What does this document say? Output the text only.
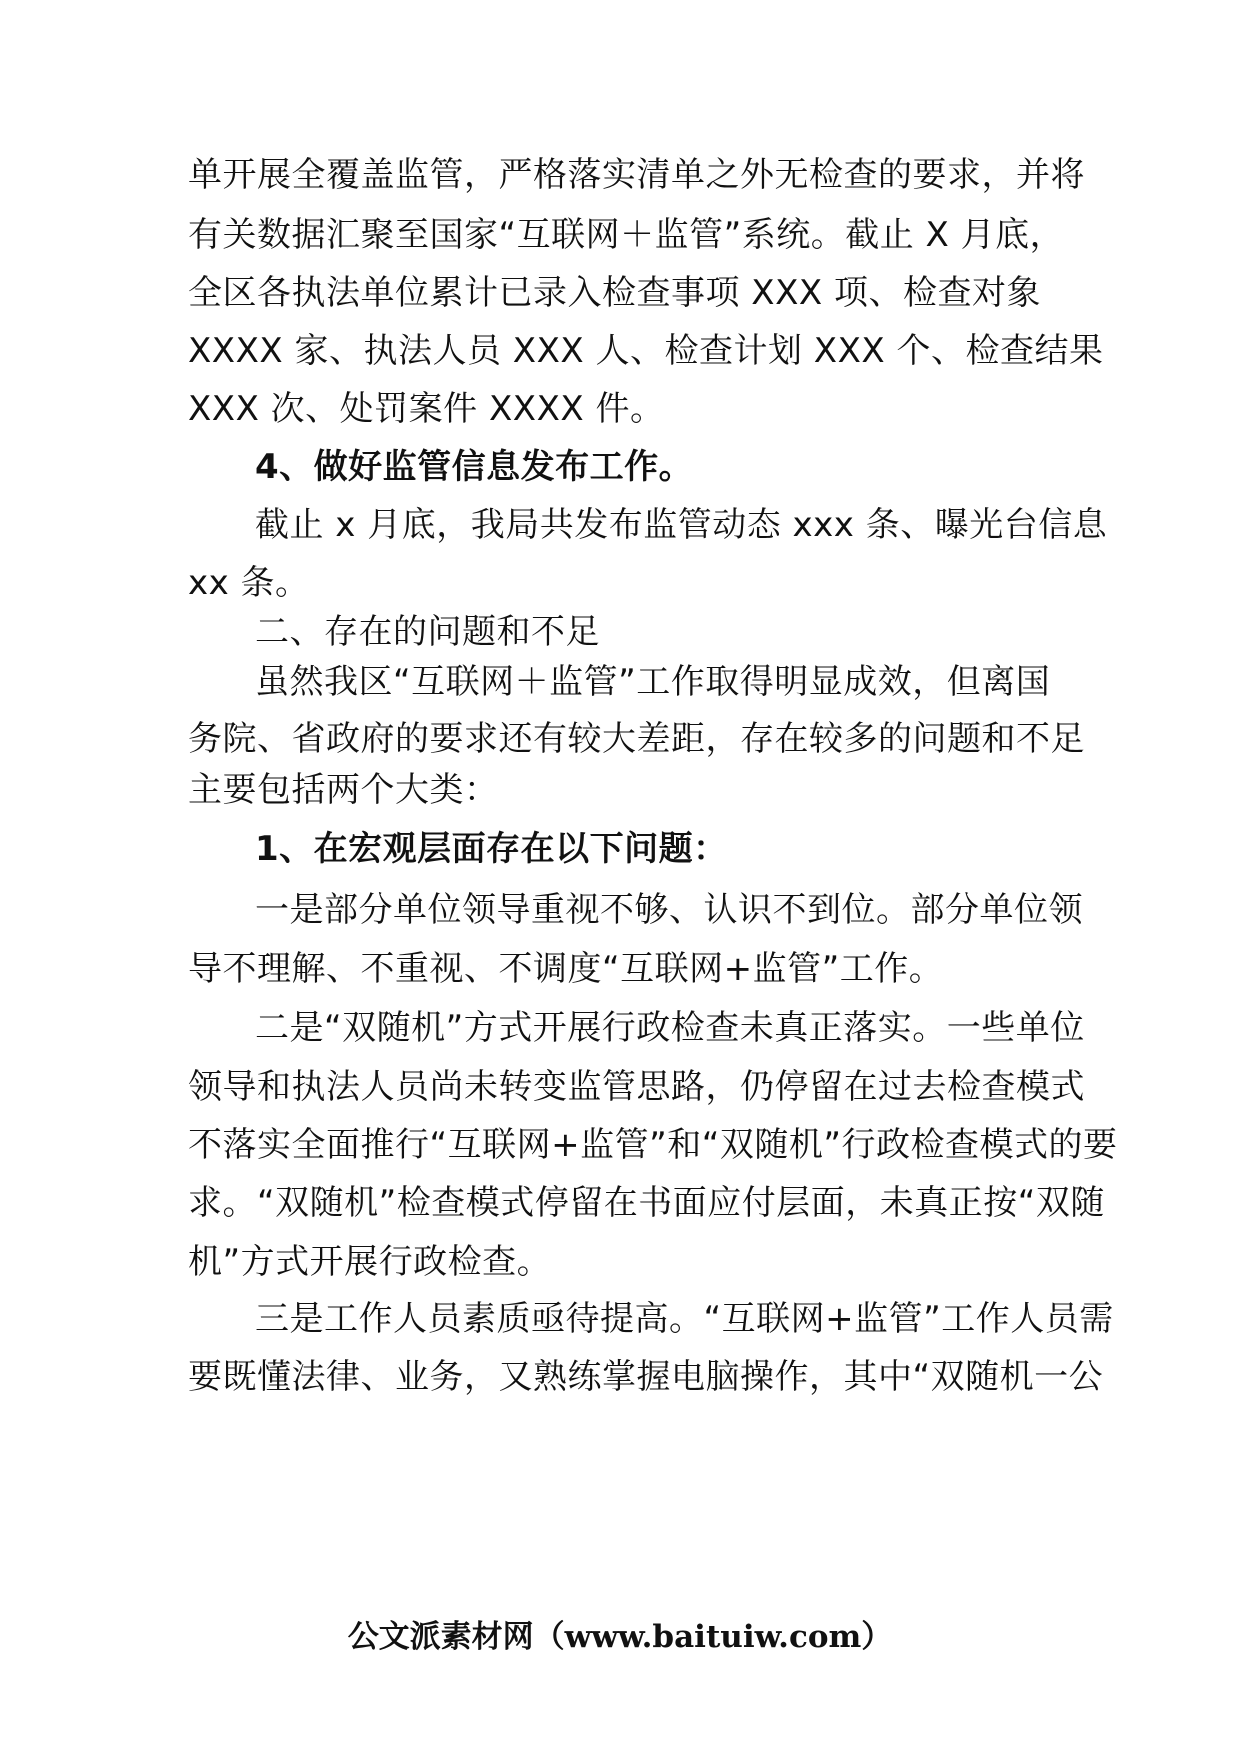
单开展全覆盖监管，严格落实清单之外无检查的要求，并将
有关数据汇聚至国家“互联网＋监管”系统。截止 X 月底，
全区各执法单位累计已录入检查事项 XXX 项、检查对象
XXXX 家、执法人员 XXX 人、检查计划 XXX 个、检查结果
XXX 次、处罚案件 XXXX 件。
4、做好监管信息发布工作。
截止 x 月底，我局共发布监管动态 xxx 条、曝光台信息
xx 条。
二、存在的问题和不足
虽然我区“互联网＋监管”工作取得明显成效，但离国
务院、省政府的要求还有较大差距，存在较多的问题和不足
主要包括两个大类：
1、在宏观层面存在以下问题：
一是部分单位领导重视不够、认识不到位。部分单位领
导不理解、不重视、不调度“互联网+监管”工作。
二是“双随机”方式开展行政检查未真正落实。一些单位
领导和执法人员尚未转变监管思路，仍停留在过去检查模式
不落实全面推行“互联网+监管”和“双随机”行政检查模式的要
求。“双随机”检查模式停留在书面应付层面，未真正按“双随
机”方式开展行政检查。
三是工作人员素质亟待提高。“互联网+监管”工作人员需
要既懂法律、业务，又熟练掌握电脑操作，其中“双随机一公
公文派素材网（www.baituiw.com）
